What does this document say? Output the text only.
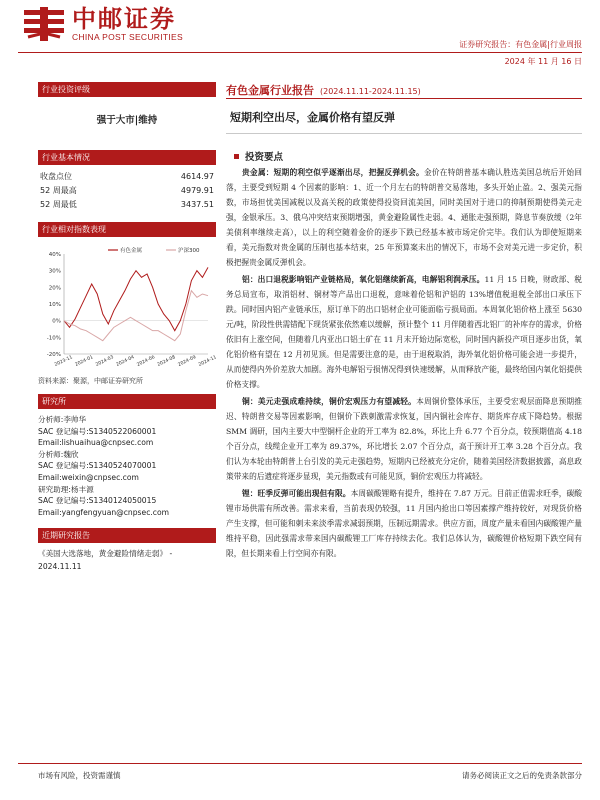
中邮证券
CHINA POST SECURITIES
证券研究报告：有色金属|行业周报
2024 年 11 月 16 日
行业投资评级
强于大市|维持
行业基本情况
收盘点位	4614.97
52 周最高	4979.91
52 周最低	3437.51
行业相对指数表现
40%
30%
20%
10%
0%
-10%
-20%
2023-11 2024-01 2024-03 2024-04 2024-06 2024-08 2024-09 2024-11
有色金属	沪深300
资料来源：聚源，中邮证券研究所
研究所
分析师:李帅华
SAC 登记编号:S1340522060001
Email:lishuaihua@cnpsec.com
分析师:魏欣
SAC 登记编号:S1340524070001
Email:weixin@cnpsec.com
研究助理:杨丰源
SAC 登记编号:S1340124050015
Email:yangfengyuan@cnpsec.com
近期研究报告
《美国大选落地，黄金避险情绪走弱》 - 2024.11.11
有色金属行业报告 (2024.11.11-2024.11.15)
短期利空出尽，金属价格有望反弹
投资要点

贵金属：短期的利空似乎逐渐出尽，把握反弹机会。金价在特朗普基本确认胜选美国总统后开始回落，主要受到短期 4 个因素的影响：1、近一个月左右的特朗普交易落地，多头开始止盈。2、强美元指数，市场担忧美国减税以及高关税的政策使得投资回流美国，同时美国对于进口的抑制预期使得美元走强，金银承压。3、俄乌冲突结束预期增强，黄金避险属性走弱。4、通胀走强预期，降息节奏放缓（2年美债利率继续走高），以上的利空随着金价的逐步下跌已经基本被市场定价完毕。我们认为即使短期来看，美元指数对贵金属的压制也基本结束，25 年预算案未出的情况下，市场不会对美元进一步定价，积极把握贵金属反弹机会。

铝：出口退税影响铝产业链格局，氧化铝继续新高，电解铝利润承压。11 月 15 日晚，财政部、税务总局宣布，取消铝材、铜材等产品出口退税，意味着伦铝和沪铝的 13%增值税退税全部出口承压下跌。同时国内铝产业链承压，原订单下的出口铝材企业可能面临亏损局面。本周氧化铝价格上涨至 5630 元/吨，阶段性供需错配下现货紧张依然难以缓解，预计整个 11 月伴随着西北铝厂的补库存的需求，价格依旧有上涨空间，但随着几内亚出口铝土矿在 11 月末开始边际宽松，同时国内新投产项目逐步出货，氧化铝价格有望在 12 月初见顶。但是需要注意的是，由于退税取消，海外氧化铝价格可能会进一步提升，从而使得内外价差放大加剧。海外电解铝亏损情况得到快速缓解，从而释放产能，最终给国内氧化铝提供价格支撑。

铜：美元走强成难持续，铜价宏观压力有望减轻。本周铜价整体承压，主要受宏观层面降息预期推迟、特朗普交易等因素影响，但铜价下跌刺激需求恢复，国内铜社会库存、期货库存成下降趋势。根据 SMM 调研，国内主要大中型铜杆企业的开工率为 82.8%，环比上升 6.77 个百分点，较预期值高 4.18 个百分点，线缆企业开工率为 89.37%，环比增长 2.07 个百分点，高于预计开工率 3.28 个百分点。我们认为本轮由特朗普上台引发的美元走强趋势，短期内已经被充分定价，随着美国经济数据披露，高息政策带来的后遗症将逐步显现，美元指数或有可能见顶，铜价宏观压力将减轻。

锂：旺季反弹可能出现但有限。本周碳酸锂略有提升，维持在 7.87 万元。目前正值需求旺季，碳酸锂市场供需有所改善。需求来看，当前表现仍较强，11 月国内抢出口等因素撑产维持较好，对现货价格产生支撑，但可能和刺未来淡季需求减弱预期，压制远期需求。供应方面，周度产量未看国内碳酸锂产量维持平稳，因此强需求带来国内碳酸锂工厂库存持续去化。我们总体认为，碳酸锂价格短期下跌空间有限，但长期来看上行空间亦有限。

市场有风险，投资需谨慎	请务必阅读正文之后的免责条款部分
